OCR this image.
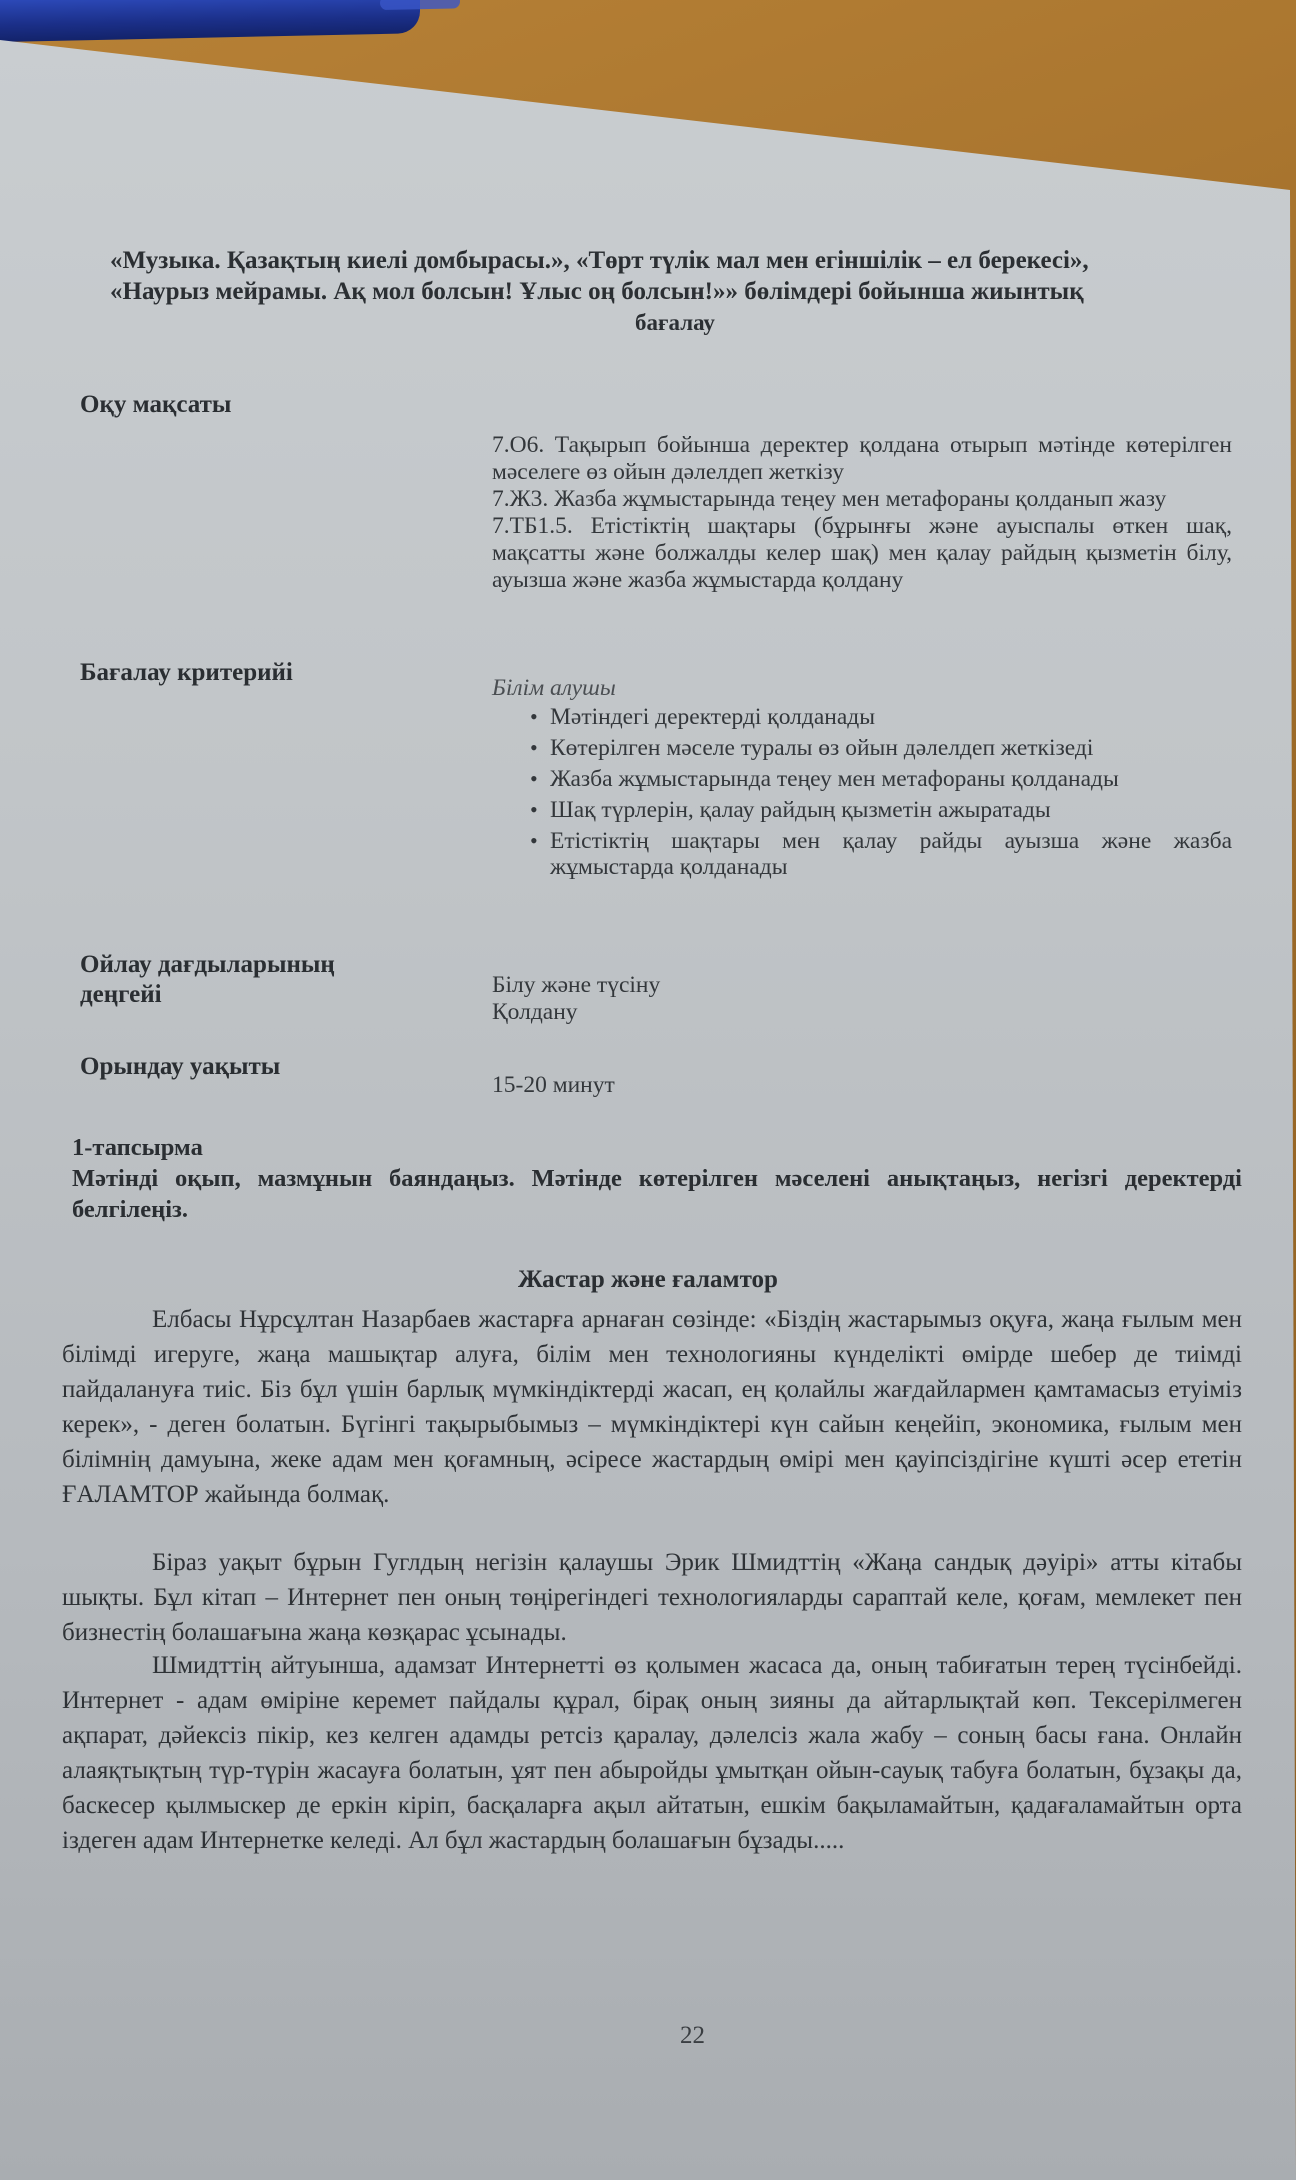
«Музыка. Қазақтың киелі домбырасы.», «Төрт түлік мал мен егіншілік – ел берекесі»,
«Наурыз мейрамы. Ақ мол болсын! Ұлыс оң болсын!»» бөлімдері бойынша жиынтық
бағалау
Оқу мақсаты

7.О6. Тақырып бойынша деректер қолдана отырып мәтінде көтерілген мәселеге өз ойын дәлелдеп жеткізу

7.Ж3. Жазба жұмыстарында теңеу мен метафораны қолданып жазу

7.ТБ1.5. Етістіктің шақтары (бұрынғы және ауыспалы өткен шақ, мақсатты және болжалды келер шақ) мен қалау райдың қызметін білу, ауызша және жазба жұмыстарда қолдану

Бағалау критерийі

Білім алушы

• Мәтіндегі деректерді қолданады
• Көтерілген мәселе туралы өз ойын дәлелдеп жеткізеді
• Жазба жұмыстарында теңеу мен метафораны қолданады
• Шақ түрлерін, қалау райдың қызметін ажыратады
• Етістіктің шақтары мен қалау райды ауызша және жазба жұмыстарда қолданады
Ойлау дағдыларының
деңгейі	Білу және түсіну

Қолдану

Орындау уақыты
15-20 минут
1-тапсырма
Мәтінді оқып, мазмұнын баяндаңыз. Мәтінде көтерілген мәселені анықтаңыз, негізгі деректерді белгілеңіз.
Жастар және ғаламтор
Елбасы Нұрсұлтан Назарбаев жастарға арнаған сөзінде: «Біздің жастарымыз оқуға, жаңа ғылым мен білімді игеруге, жаңа машықтар алуға, білім мен технологияны күнделікті өмірде шебер де тиімді пайдалануға тиіс. Біз бұл үшін барлық мүмкіндіктерді жасап, ең қолайлы жағдайлармен қамтамасыз етуіміз керек», - деген болатын. Бүгінгі тақырыбымыз – мүмкіндіктері күн сайын кеңейіп, экономика, ғылым мен білімнің дамуына, жеке адам мен қоғамның, әсіресе жастардың өмірі мен қауіпсіздігіне күшті әсер ететін ҒАЛАМТОР жайында болмақ.
Біраз уақыт бұрын Гуглдың негізін қалаушы Эрик Шмидттің «Жаңа сандық дәуірі» атты кітабы шықты. Бұл кітап – Интернет пен оның төңірегіндегі технологияларды сараптай келе, қоғам, мемлекет пен бизнестің болашағына жаңа көзқарас ұсынады.
Шмидттің айтуынша, адамзат Интернетті өз қолымен жасаса да, оның табиғатын терең түсінбейді. Интернет - адам өміріне керемет пайдалы құрал, бірақ оның зияны да айтарлықтай көп. Тексерілмеген ақпарат, дәйексіз пікір, кез келген адамды ретсіз қаралау, дәлелсіз жала жабу – соның басы ғана. Онлайн алаяқтықтың түр-түрін жасауға болатын, ұят пен абыройды ұмытқан ойын-сауық табуға болатын, бұзақы да, баскесер қылмыскер де еркін кіріп, басқаларға ақыл айтатын, ешкім бақыламайтын, қадағаламайтын орта іздеген адам Интернетке келеді. Ал бұл жастардың болашағын бұзады.....
22
